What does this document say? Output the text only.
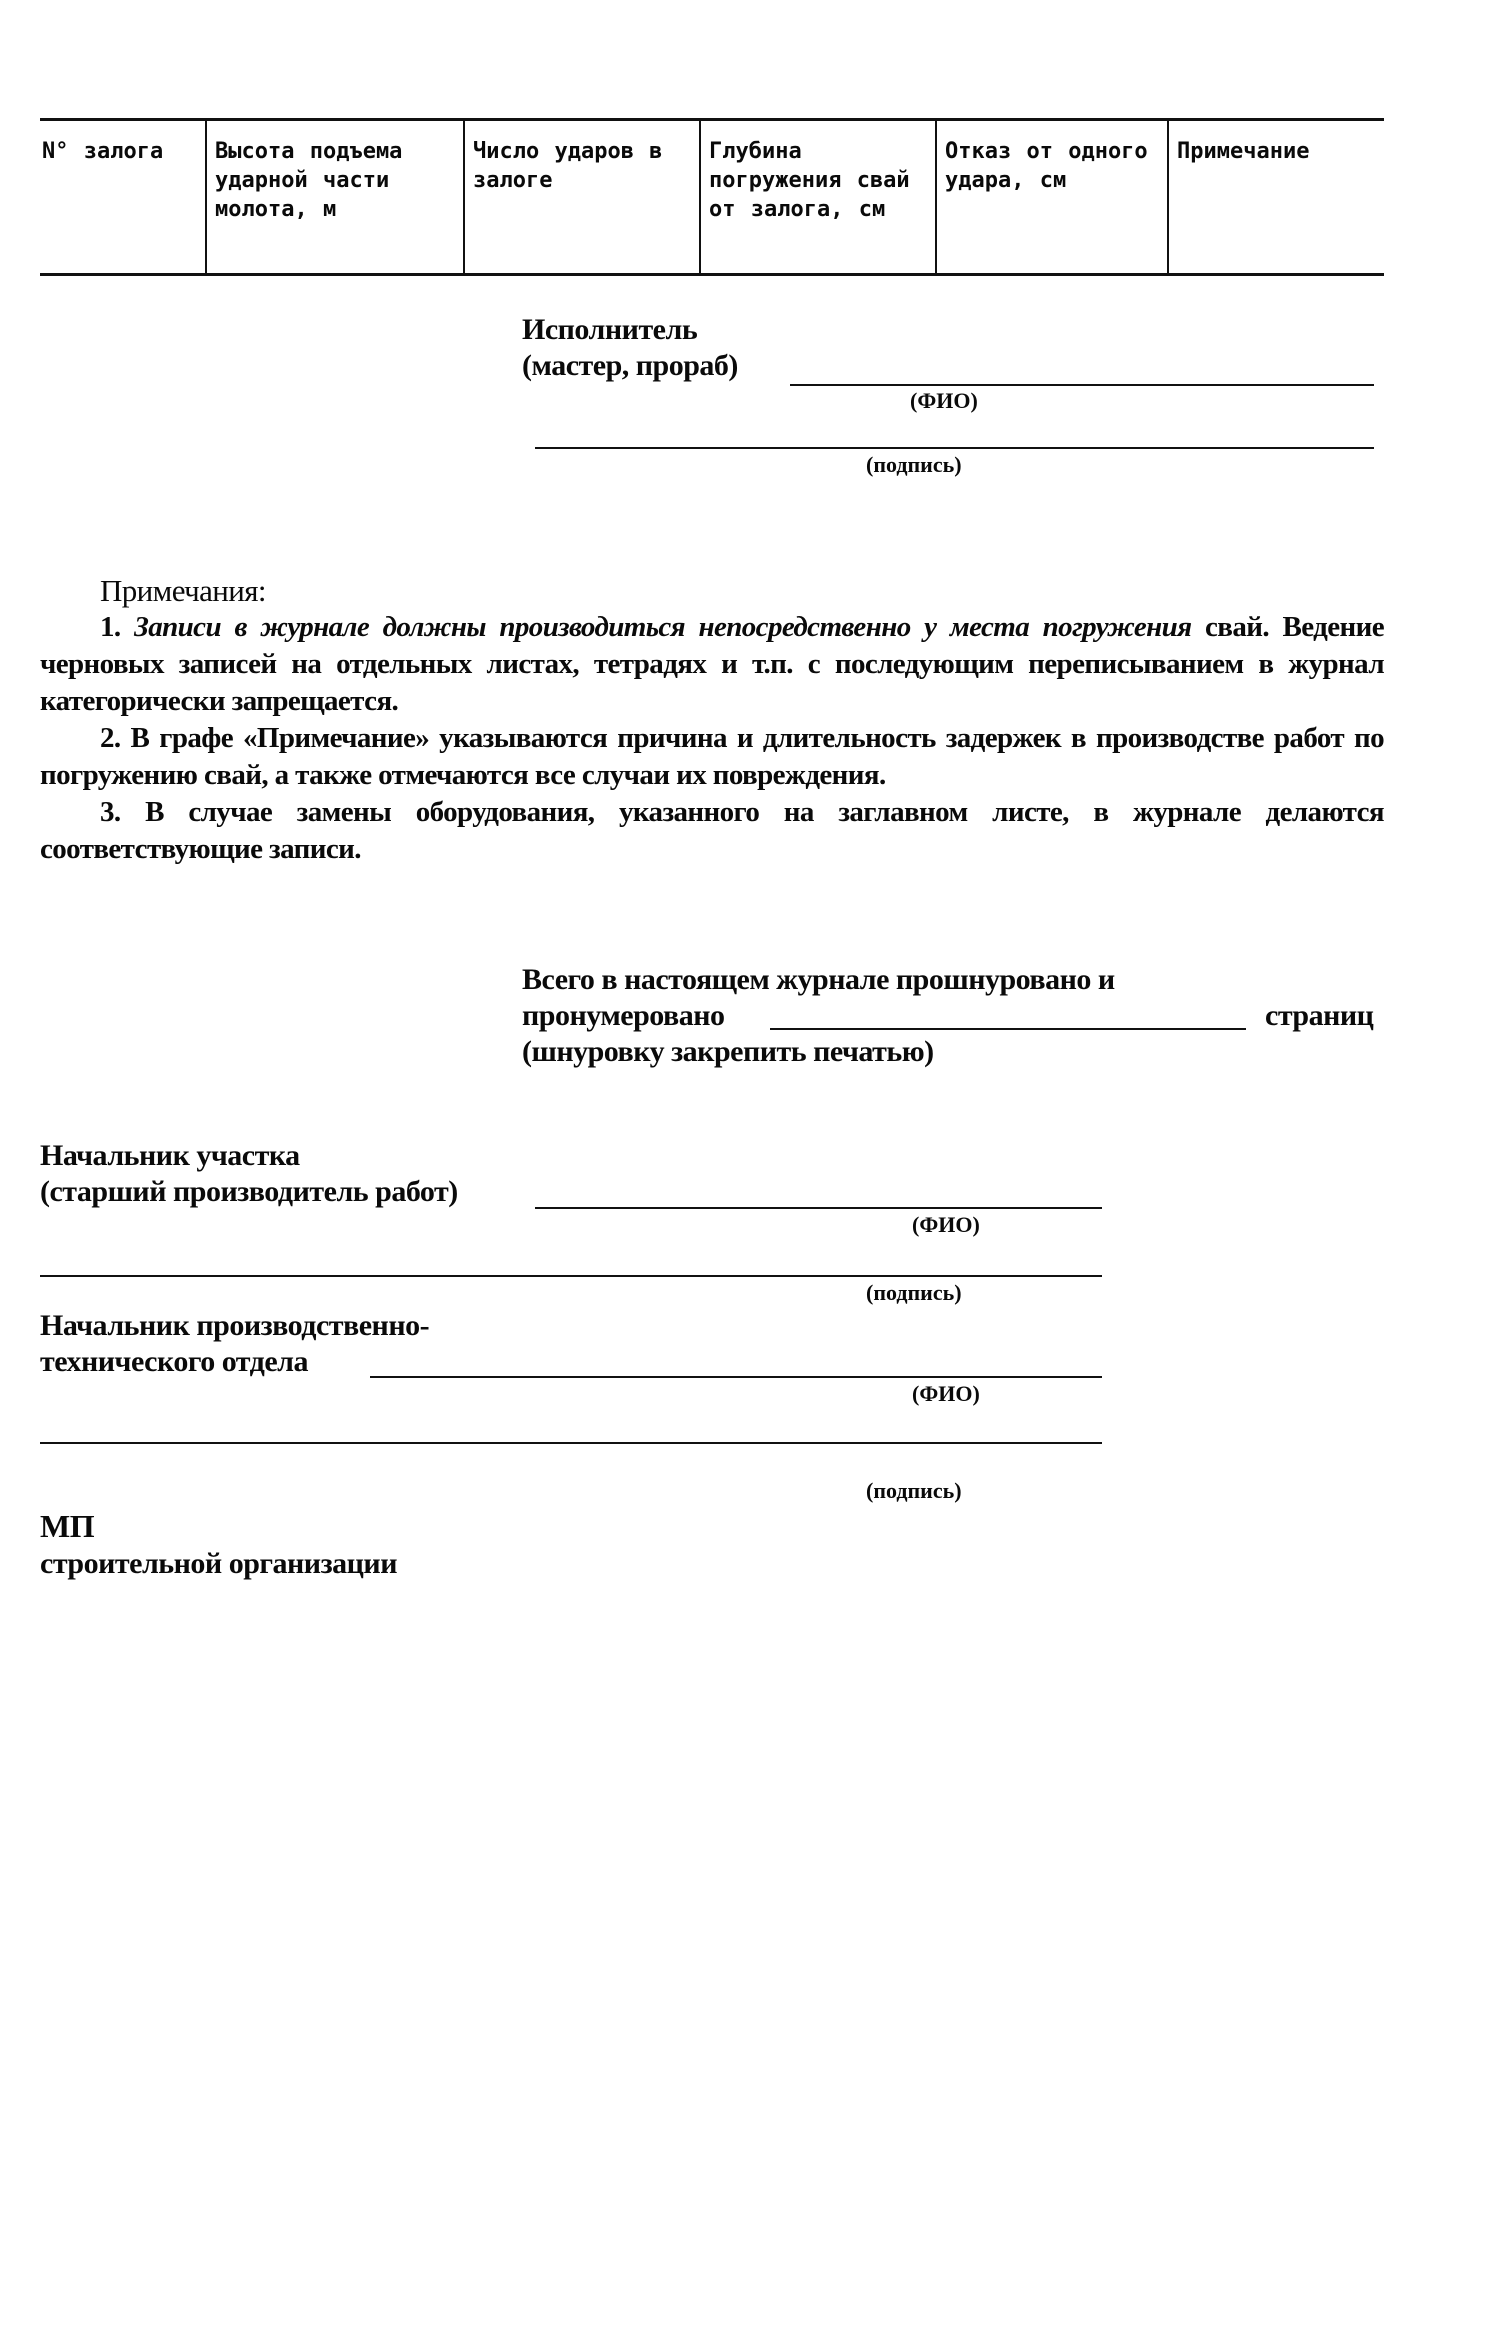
N° залога	Высота подъема ударной части молота, м
Число ударов в залоге
Глубина погружения свай от залога, см
Отказ от одного удара, см
Примечание
Исполнитель
(мастер, прораб)
(ФИО)
(подпись)
Примечания:

1. Записи в журнале должны производиться непосредственно у места погружения свай. Ведение черновых записей на отдельных листах, тетрадях и т.п. с последующим переписыванием в журнал категорически запрещается.

2. В графе «Примечание» указываются причина и длительность задержек в производстве работ по погружению свай, а также отмечаются все случаи их повреждения.

3. В случае замены оборудования, указанного на заглавном листе, в журнале делаются соответствующие записи.

Всего в настоящем журнале прошнуровано и
пронумеровано	страниц
(шнуровку закрепить печатью)
Начальник участка
(старший производитель работ)
(ФИО)
(подпись)
Начальник производственно-
технического отдела
(ФИО)
(подпись)
МП
строительной организации
